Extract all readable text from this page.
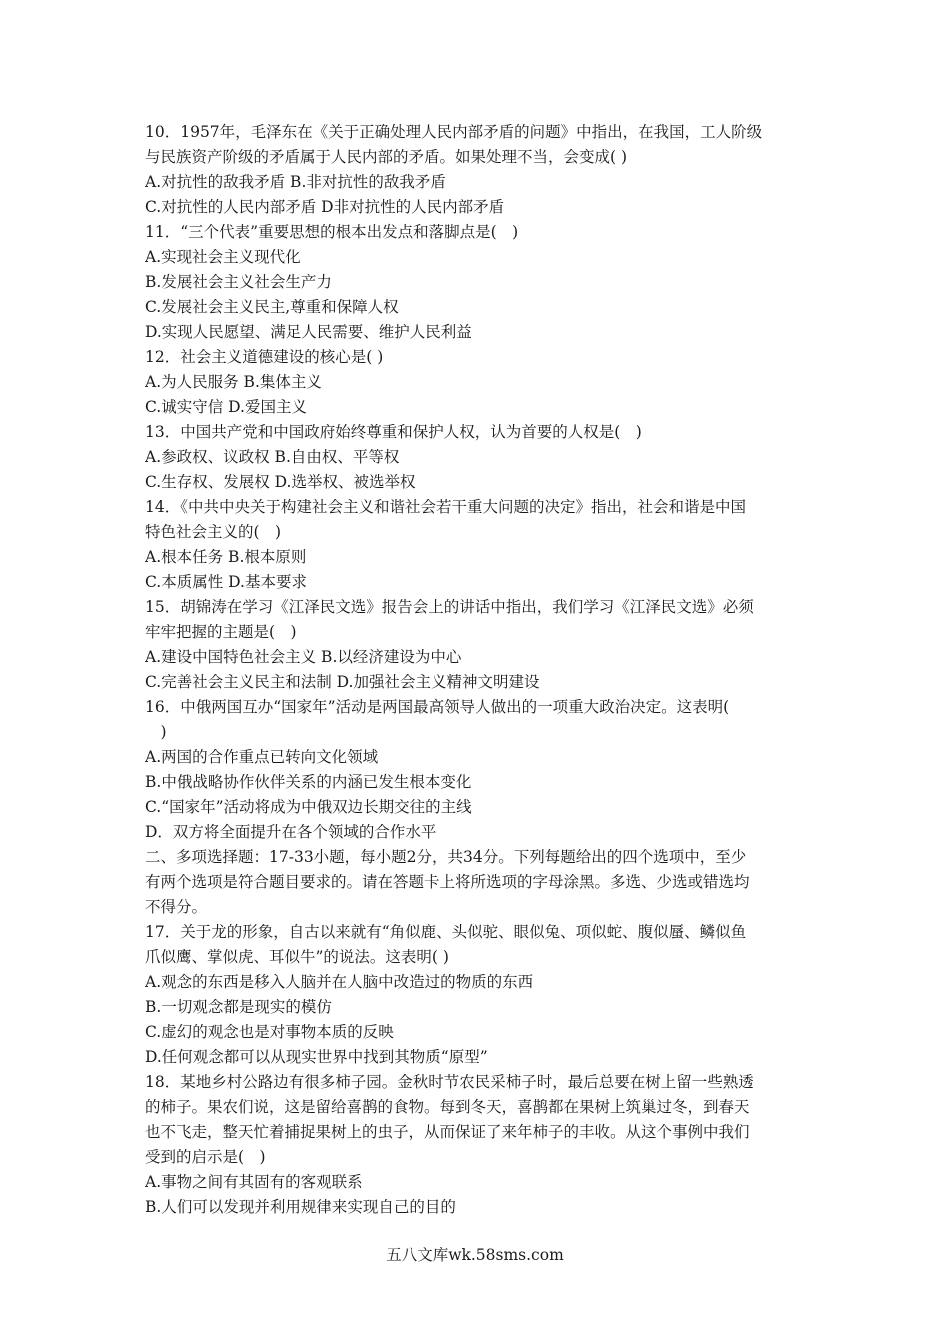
10．1957年，毛泽东在《关于正确处理人民内部矛盾的问题》中指出，在我国，工人阶级
与民族资产阶级的矛盾属于人民内部的矛盾。如果处理不当，会变成( )
A.对抗性的敌我矛盾 B.非对抗性的敌我矛盾
C.对抗性的人民内部矛盾 D非对抗性的人民内部矛盾
11．“三个代表”重要思想的根本出发点和落脚点是(　)
A.实现社会主义现代化
B.发展社会主义社会生产力
C.发展社会主义民主,尊重和保障人权
D.实现人民愿望、满足人民需要、维护人民利益
12．社会主义道德建设的核心是( )
A.为人民服务 B.集体主义
C.诚实守信 D.爱国主义
13．中国共产党和中国政府始终尊重和保护人权，认为首要的人权是(　)
A.参政权、议政权 B.自由权、平等权
C.生存权、发展权 D.选举权、被选举权
14．《中共中央关于构建社会主义和谐社会若干重大问题的决定》指出，社会和谐是中国
特色社会主义的(　)
A.根本任务 B.根本原则
C.本质属性 D.基本要求
15．胡锦涛在学习《江泽民文选》报告会上的讲话中指出，我们学习《江泽民文选》必须
牢牢把握的主题是(　)
A.建设中国特色社会主义 B.以经济建设为中心
C.完善社会主义民主和法制 D.加强社会主义精神文明建设
16．中俄两国互办“国家年”活动是两国最高领导人做出的一项重大政治决定。这表明(
　)
A.两国的合作重点已转向文化领域
B.中俄战略协作伙伴关系的内涵已发生根本变化
C.“国家年”活动将成为中俄双边长期交往的主线
D．双方将全面提升在各个领域的合作水平
二、多项选择题：17-33小题，每小题2分，共34分。下列每题给出的四个选项中，至少
有两个选项是符合题目要求的。请在答题卡上将所选项的字母涂黑。多选、少选或错选均
不得分。
17．关于龙的形象，自古以来就有“角似鹿、头似驼、眼似兔、项似蛇、腹似蜃、鳞似鱼
爪似鹰、掌似虎、耳似牛”的说法。这表明( )
A.观念的东西是移入人脑并在人脑中改造过的物质的东西
B.一切观念都是现实的模仿
C.虚幻的观念也是对事物本质的反映
D.任何观念都可以从现实世界中找到其物质“原型”
18．某地乡村公路边有很多柿子园。金秋时节农民采柿子时，最后总要在树上留一些熟透
的柿子。果农们说，这是留给喜鹊的食物。每到冬天，喜鹊都在果树上筑巢过冬，到春天
也不飞走，整天忙着捕捉果树上的虫子，从而保证了来年柿子的丰收。从这个事例中我们
受到的启示是(　)
A.事物之间有其固有的客观联系
B.人们可以发现并利用规律来实现自己的目的
五八文库wk.58sms.com
